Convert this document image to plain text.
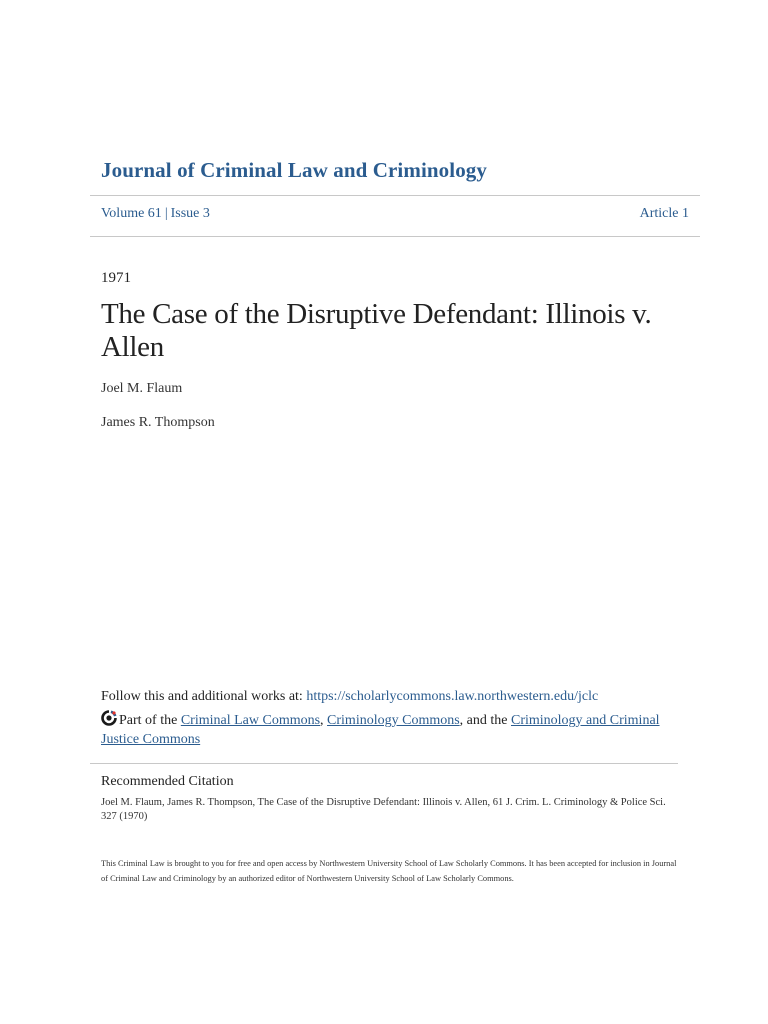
Journal of Criminal Law and Criminology
Volume 61 | Issue 3	Article 1
1971
The Case of the Disruptive Defendant: Illinois v. Allen
Joel M. Flaum
James R. Thompson
Follow this and additional works at: https://scholarlycommons.law.northwestern.edu/jclc
Part of the Criminal Law Commons, Criminology Commons, and the Criminology and Criminal Justice Commons
Recommended Citation
Joel M. Flaum, James R. Thompson, The Case of the Disruptive Defendant: Illinois v. Allen, 61 J. Crim. L. Criminology & Police Sci. 327 (1970)
This Criminal Law is brought to you for free and open access by Northwestern University School of Law Scholarly Commons. It has been accepted for inclusion in Journal of Criminal Law and Criminology by an authorized editor of Northwestern University School of Law Scholarly Commons.
